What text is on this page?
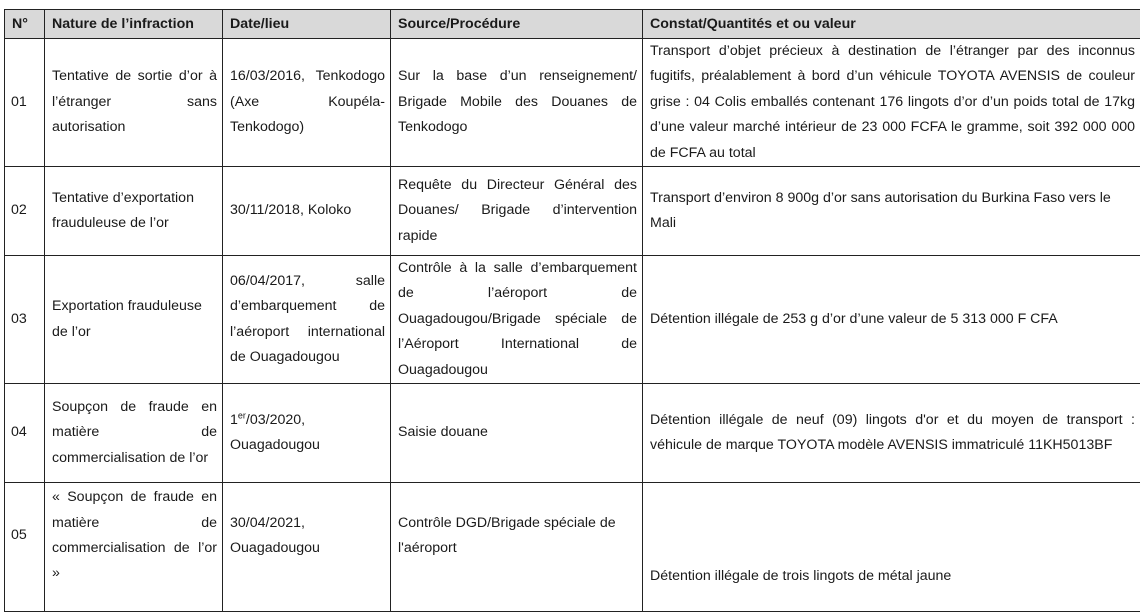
N°	Nature de l’infraction	Date/lieu	Source/Procédure	Constat/Quantités et ou valeur
01	Tentative de sortie d’or à l’étranger sans autorisation	16/03/2016, Tenkodogo (Axe Koupéla-Tenkodogo)	Sur la base d’un renseignement/ Brigade Mobile des Douanes de Tenkodogo	Transport d’objet précieux à destination de l’étranger par des inconnus fugitifs, préalablement à bord d’un véhicule TOYOTA AVENSIS de couleur grise : 04 Colis emballés contenant 176 lingots d’or d’un poids total de 17kg d’une valeur marché intérieur de 23 000 FCFA le gramme, soit 392 000 000 de FCFA au total
02	Tentative d’exportation frauduleuse de l’or	30/11/2018, Koloko	Requête du Directeur Général des Douanes/ Brigade d’intervention rapide	Transport d’environ 8 900g d’or sans autorisation du Burkina Faso vers le Mali
03	Exportation frauduleuse de l’or	06/04/2017, salle d’embarquement de l’aéroport international de Ouagadougou	Contrôle à la salle d’embarquement de l’aéroport de Ouagadougou/Brigade spéciale de l’Aéroport International de Ouagadougou	Détention illégale de 253 g d’or d’une valeur de 5 313 000 F CFA
04	Soupçon de fraude en matière de commercialisation de l’or	1er/03/2020, Ouagadougou	Saisie douane	Détention illégale de neuf (09) lingots d'or et du moyen de transport : véhicule de marque TOYOTA modèle AVENSIS immatriculé 11KH5013BF

05	« Soupçon de fraude en matière de commercialisation de l’or »	30/04/2021, Ouagadougou	Contrôle DGD/Brigade spéciale de l'aéroport	Détention illégale de trois lingots de métal jaune
